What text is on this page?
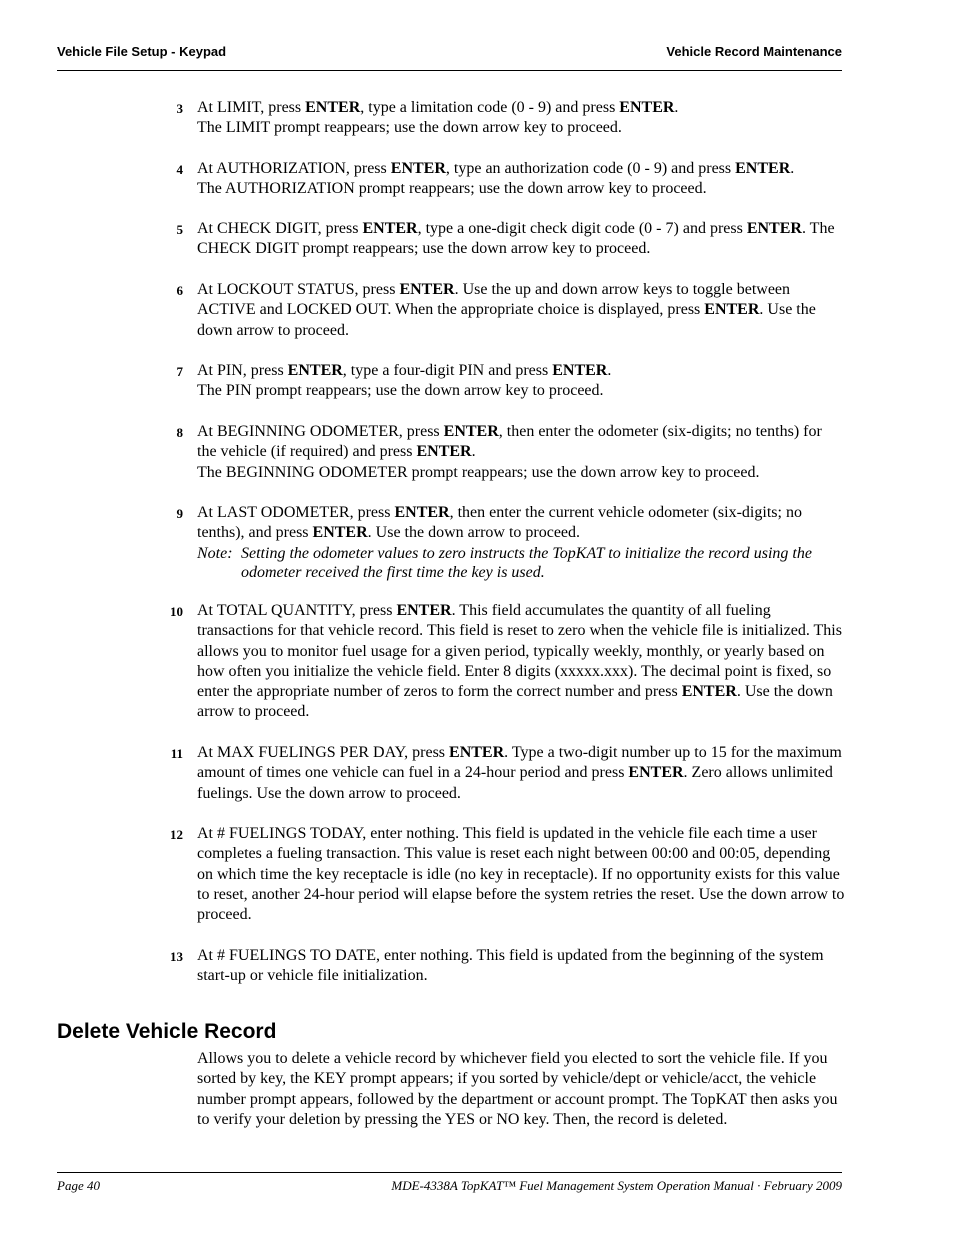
Vehicle File Setup - Keypad	Vehicle Record Maintenance
3 At LIMIT, press ENTER, type a limitation code (0 - 9) and press ENTER.

The LIMIT prompt reappears; use the down arrow key to proceed.

4 At AUTHORIZATION, press ENTER, type an authorization code (0 - 9) and press ENTER.

The AUTHORIZATION prompt reappears; use the down arrow key to proceed.

5 At CHECK DIGIT, press ENTER, type a one-digit check digit code (0 - 7) and press ENTER. The CHECK DIGIT prompt reappears; use the down arrow key to proceed.

6 At LOCKOUT STATUS, press ENTER. Use the up and down arrow keys to toggle between ACTIVE and LOCKED OUT. When the appropriate choice is displayed, press ENTER. Use the down arrow to proceed.

7 At PIN, press ENTER, type a four-digit PIN and press ENTER.

The PIN prompt reappears; use the down arrow key to proceed.

8 At BEGINNING ODOMETER, press ENTER, then enter the odometer (six-digits; no tenths) for the vehicle (if required) and press ENTER.

The BEGINNING ODOMETER prompt reappears; use the down arrow key to proceed.

9 At LAST ODOMETER, press ENTER, then enter the current vehicle odometer (six-digits; no tenths), and press ENTER. Use the down arrow to proceed.

Note: Setting the odometer values to zero instructs the TopKAT to initialize the record using the odometer received the first time the key is used.
10 At TOTAL QUANTITY, press ENTER. This field accumulates the quantity of all fueling transactions for that vehicle record. This field is reset to zero when the vehicle file is initialized. This allows you to monitor fuel usage for a given period, typically weekly, monthly, or yearly based on how often you initialize the vehicle field. Enter 8 digits (xxxxx.xxx). The decimal point is fixed, so enter the appropriate number of zeros to form the correct number and press ENTER. Use the down arrow to proceed.

11 At MAX FUELINGS PER DAY, press ENTER. Type a two-digit number up to 15 for the maximum amount of times one vehicle can fuel in a 24-hour period and press ENTER. Zero allows unlimited fuelings. Use the down arrow to proceed.

12 At # FUELINGS TODAY, enter nothing. This field is updated in the vehicle file each time a user completes a fueling transaction. This value is reset each night between 00:00 and 00:05, depending on which time the key receptacle is idle (no key in receptacle). If no opportunity exists for this value to reset, another 24-hour period will elapse before the system retries the reset. Use the down arrow to proceed.

13 At # FUELINGS TO DATE, enter nothing. This field is updated from the beginning of the system start-up or vehicle file initialization.

Delete Vehicle Record

Allows you to delete a vehicle record by whichever field you elected to sort the vehicle file. If you sorted by key, the KEY prompt appears; if you sorted by vehicle/dept or vehicle/acct, the vehicle number prompt appears, followed by the department or account prompt. The TopKAT then asks you to verify your deletion by pressing the YES or NO key. Then, the record is deleted.

Page 40	MDE-4338A TopKAT™ Fuel Management System Operation Manual · February 2009
